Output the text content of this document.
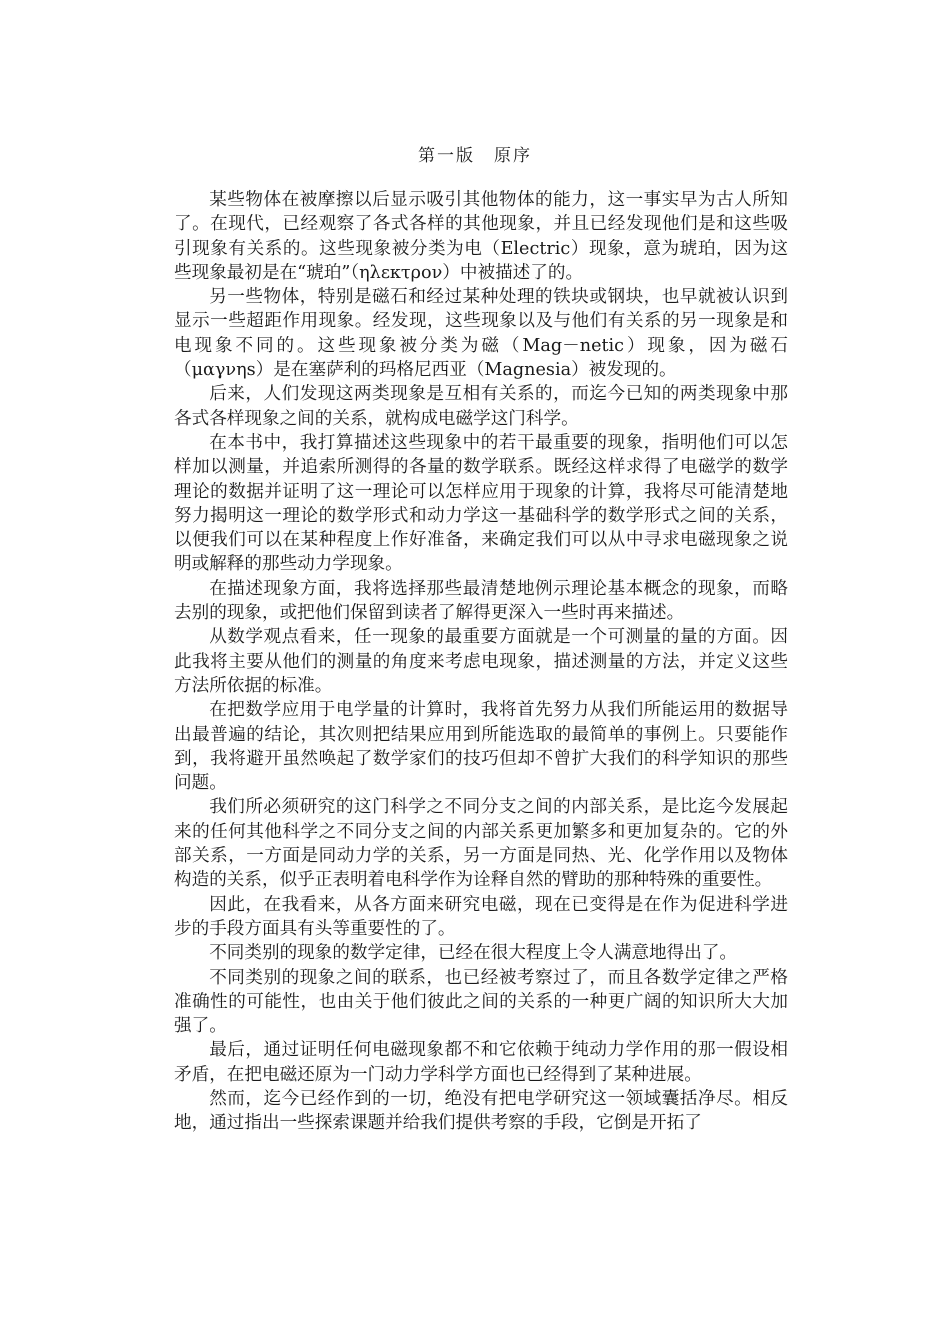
第一版　原序

某些物体在被摩擦以后显示吸引其他物体的能力，这一事实早为古人所知了。在现代，已经观察了各式各样的其他现象，并且已经发现他们是和这些吸引现象有关系的。这些现象被分类为电（Electric）现象，意为琥珀，因为这些现象最初是在“琥珀”（ηλεκτρον）中被描述了的。

另一些物体，特别是磁石和经过某种处理的铁块或钢块，也早就被认识到显示一些超距作用现象。经发现，这些现象以及与他们有关系的另一现象是和电现象不同的。这些现象被分类为磁（Mag－netic）现象，因为磁石（μαγνηs）是在塞萨利的玛格尼西亚（Magnesia）被发现的。

后来，人们发现这两类现象是互相有关系的，而迄今已知的两类现象中那各式各样现象之间的关系，就构成电磁学这门科学。

在本书中，我打算描述这些现象中的若干最重要的现象，指明他们可以怎样加以测量，并追索所测得的各量的数学联系。既经这样求得了电磁学的数学理论的数据并证明了这一理论可以怎样应用于现象的计算，我将尽可能清楚地努力揭明这一理论的数学形式和动力学这一基础科学的数学形式之间的关系，以便我们可以在某种程度上作好准备，来确定我们可以从中寻求电磁现象之说明或解释的那些动力学现象。

在描述现象方面，我将选择那些最清楚地例示理论基本概念的现象，而略去别的现象，或把他们保留到读者了解得更深入一些时再来描述。

从数学观点看来，任一现象的最重要方面就是一个可测量的量的方面。因此我将主要从他们的测量的角度来考虑电现象，描述测量的方法，并定义这些方法所依据的标准。

在把数学应用于电学量的计算时，我将首先努力从我们所能运用的数据导出最普遍的结论，其次则把结果应用到所能选取的最简单的事例上。只要能作到，我将避开虽然唤起了数学家们的技巧但却不曾扩大我们的科学知识的那些问题。

我们所必须研究的这门科学之不同分支之间的内部关系，是比迄今发展起来的任何其他科学之不同分支之间的内部关系更加繁多和更加复杂的。它的外部关系，一方面是同动力学的关系，另一方面是同热、光、化学作用以及物体构造的关系，似乎正表明着电科学作为诠释自然的臂助的那种特殊的重要性。

因此，在我看来，从各方面来研究电磁，现在已变得是在作为促进科学进步的手段方面具有头等重要性的了。

不同类别的现象的数学定律，已经在很大程度上令人满意地得出了。

不同类别的现象之间的联系，也已经被考察过了，而且各数学定律之严格准确性的可能性，也由关于他们彼此之间的关系的一种更广阔的知识所大大加强了。

最后，通过证明任何电磁现象都不和它依赖于纯动力学作用的那一假设相矛盾，在把电磁还原为一门动力学科学方面也已经得到了某种进展。

然而，迄今已经作到的一切，绝没有把电学研究这一领域囊括净尽。相反地，通过指出一些探索课题并给我们提供考察的手段，它倒是开拓了
